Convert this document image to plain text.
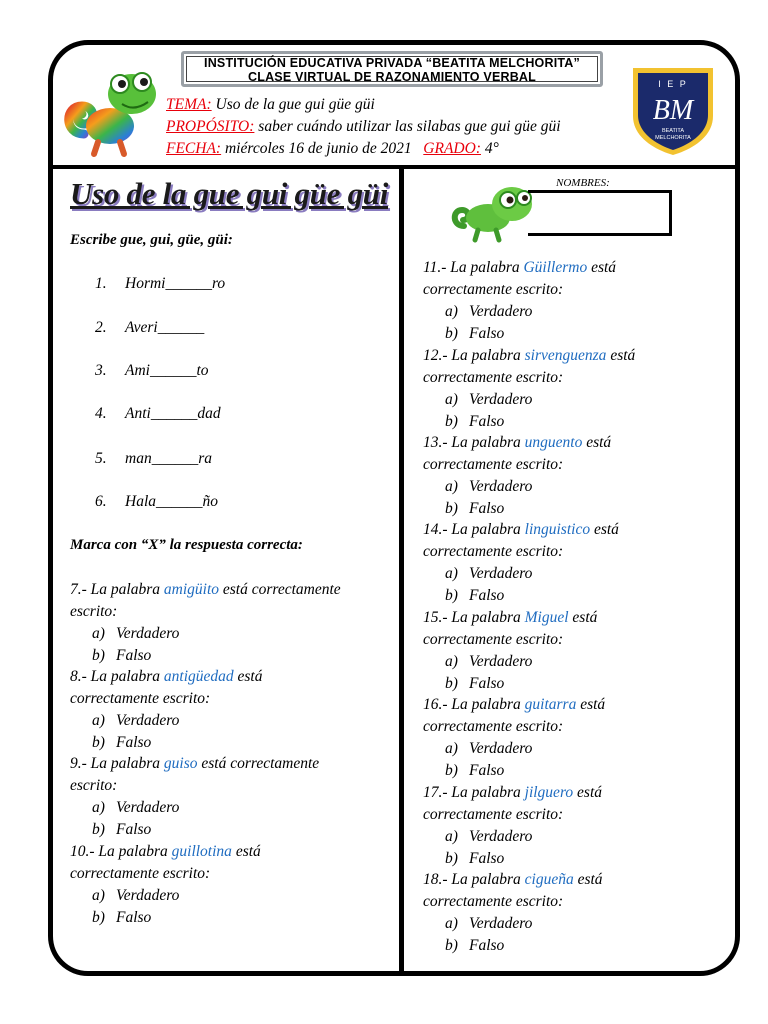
INSTITUCIÓN EDUCATIVA PRIVADA “BEATITA MELCHORITA”
CLASE VIRTUAL DE RAZONAMIENTO VERBAL
TEMA: Uso de la gue gui güe güi
PROPÓSITO: saber cuándo utilizar las silabas gue gui güe güi
FECHA: miércoles 16 de junio de 2021 GRADO: 4°
I E P
BM
BEATITA
MELCHORITA
Uso de la gue gui güe güi
Escribe gue, gui, güe, güi:
1. Hormi______ro
2. Averi______
3. Ami______to
4. Anti______dad
5. man______ra
6. Hala______ño
Marca con “X” la respuesta correcta:
NOMBRES:
7.- La palabra amigüito está correctamente
escrito:
a) Verdadero
b) Falso
8.- La palabra antigüedad está
correctamente escrito:
a) Verdadero
b) Falso
9.- La palabra guiso está correctamente
escrito:
a) Verdadero
b) Falso
10.- La palabra guillotina está
correctamente escrito:
a) Verdadero
b) Falso
11.- La palabra Güillermo está
correctamente escrito:
a) Verdadero
b) Falso
12.- La palabra sirvenguenza está
correctamente escrito:
a) Verdadero
b) Falso
13.- La palabra unguento está
correctamente escrito:
a) Verdadero
b) Falso
14.- La palabra linguistico está
correctamente escrito:
a) Verdadero
b) Falso
15.- La palabra Miguel está
correctamente escrito:
a) Verdadero
b) Falso
16.- La palabra guitarra está
correctamente escrito:
a) Verdadero
b) Falso
17.- La palabra jilguero está
correctamente escrito:
a) Verdadero
b) Falso
18.- La palabra cigueña está
correctamente escrito:
a) Verdadero
b) Falso
